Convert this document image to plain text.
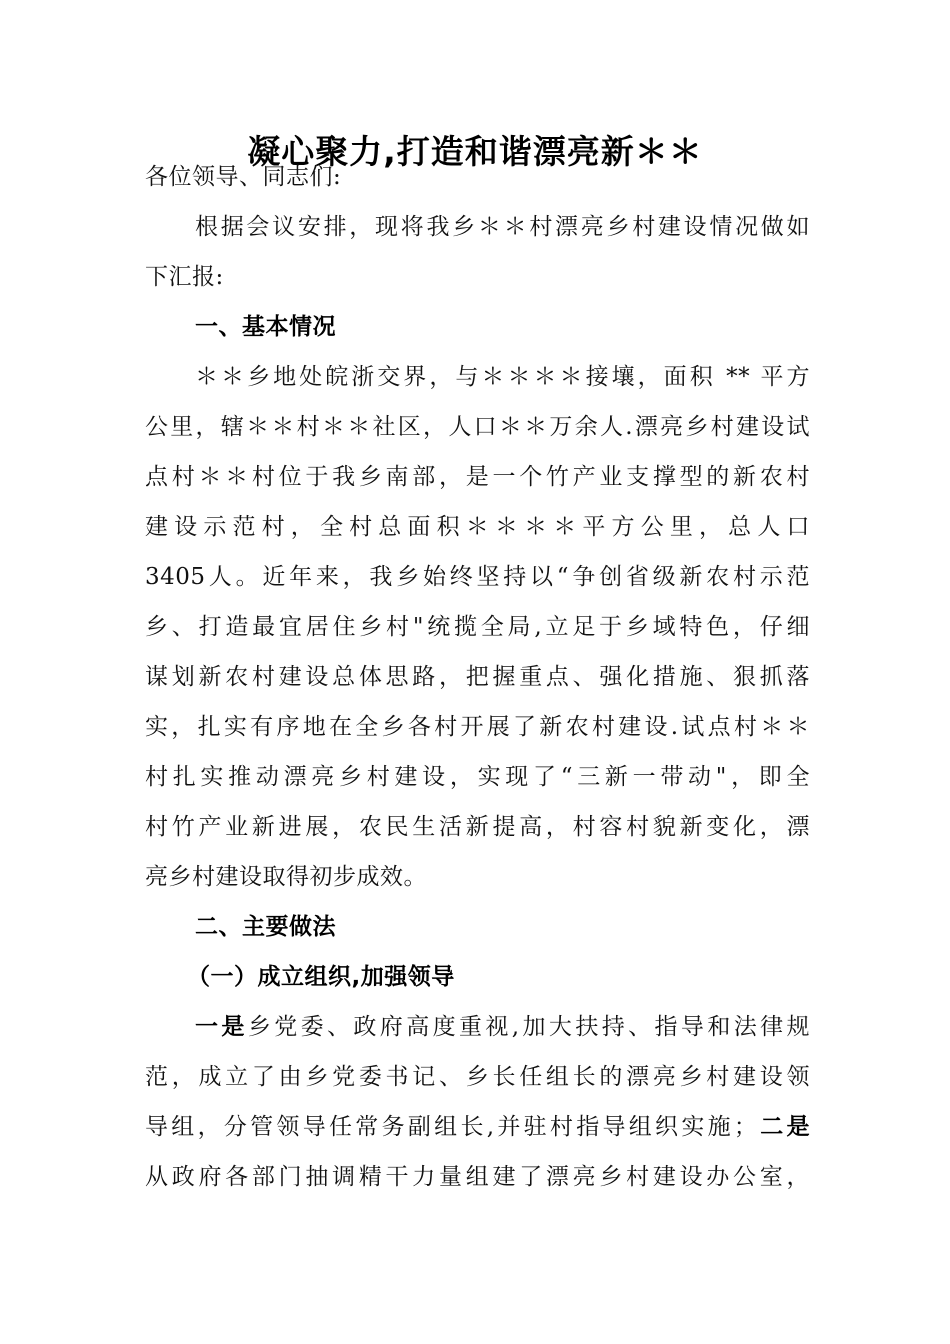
凝心聚力,打造和谐漂亮新＊＊
各位领导、同志们:
根据会议安排，现将我乡＊＊村漂亮乡村建设情况做如
下汇报:
一、基本情况
＊＊乡地处皖浙交界，与＊＊＊＊接壤，面积 ** 平方
公里，辖＊＊村＊＊社区，人口＊＊万余人.漂亮乡村建设试
点村＊＊村位于我乡南部，是一个竹产业支撑型的新农村
建设示范村，全村总面积＊＊＊＊平方公里，总人口
3405人。近年来，我乡始终坚持以“争创省级新农村示范
乡、打造最宜居住乡村"统揽全局,立足于乡域特色，仔细
谋划新农村建设总体思路，把握重点、强化措施、狠抓落
实，扎实有序地在全乡各村开展了新农村建设.试点村＊＊
村扎实推动漂亮乡村建设，实现了“三新一带动"，即全
村竹产业新进展，农民生活新提高，村容村貌新变化，漂
亮乡村建设取得初步成效。
二、主要做法
（一）成立组织,加强领导
一是乡党委、政府高度重视,加大扶持、指导和法律规
范，成立了由乡党委书记、乡长任组长的漂亮乡村建设领
导组，分管领导任常务副组长,并驻村指导组织实施；二是
从政府各部门抽调精干力量组建了漂亮乡村建设办公室，
